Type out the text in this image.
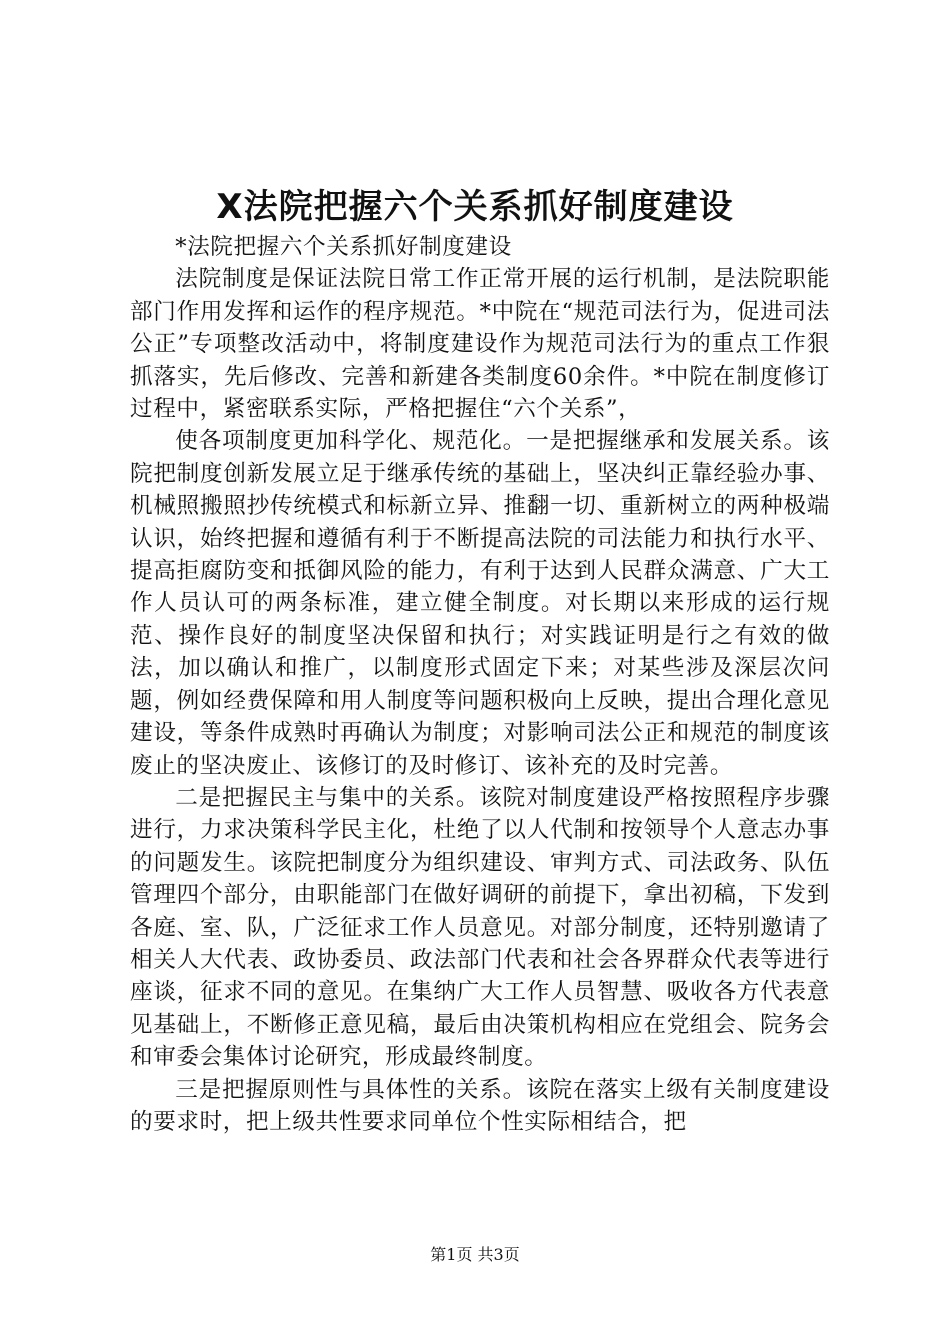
X法院把握六个关系抓好制度建设

*法院把握六个关系抓好制度建设

法院制度是保证法院日常工作正常开展的运行机制，是法院职能部门作用发挥和运作的程序规范。*中院在“规范司法行为，促进司法公正”专项整改活动中，将制度建设作为规范司法行为的重点工作狠抓落实，先后修改、完善和新建各类制度60余件。*中院在制度修订过程中，紧密联系实际，严格把握住“六个关系”，

使各项制度更加科学化、规范化。一是把握继承和发展关系。该院把制度创新发展立足于继承传统的基础上，坚决纠正靠经验办事、机械照搬照抄传统模式和标新立异、推翻一切、重新树立的两种极端认识，始终把握和遵循有利于不断提高法院的司法能力和执行水平、提高拒腐防变和抵御风险的能力，有利于达到人民群众满意、广大工作人员认可的两条标准，建立健全制度。对长期以来形成的运行规范、操作良好的制度坚决保留和执行；对实践证明是行之有效的做法，加以确认和推广，以制度形式固定下来；对某些涉及深层次问题，例如经费保障和用人制度等问题积极向上反映，提出合理化意见建设，等条件成熟时再确认为制度；对影响司法公正和规范的制度该废止的坚决废止、该修订的及时修订、该补充的及时完善。

二是把握民主与集中的关系。该院对制度建设严格按照程序步骤进行，力求决策科学民主化，杜绝了以人代制和按领导个人意志办事的问题发生。该院把制度分为组织建设、审判方式、司法政务、队伍管理四个部分，由职能部门在做好调研的前提下，拿出初稿，下发到各庭、室、队，广泛征求工作人员意见。对部分制度，还特别邀请了相关人大代表、政协委员、政法部门代表和社会各界群众代表等进行座谈，征求不同的意见。在集纳广大工作人员智慧、吸收各方代表意见基础上，不断修正意见稿，最后由决策机构相应在党组会、院务会和审委会集体讨论研究，形成最终制度。

三是把握原则性与具体性的关系。该院在落实上级有关制度建设的要求时，把上级共性要求同单位个性实际相结合，把

第1页 共3页
